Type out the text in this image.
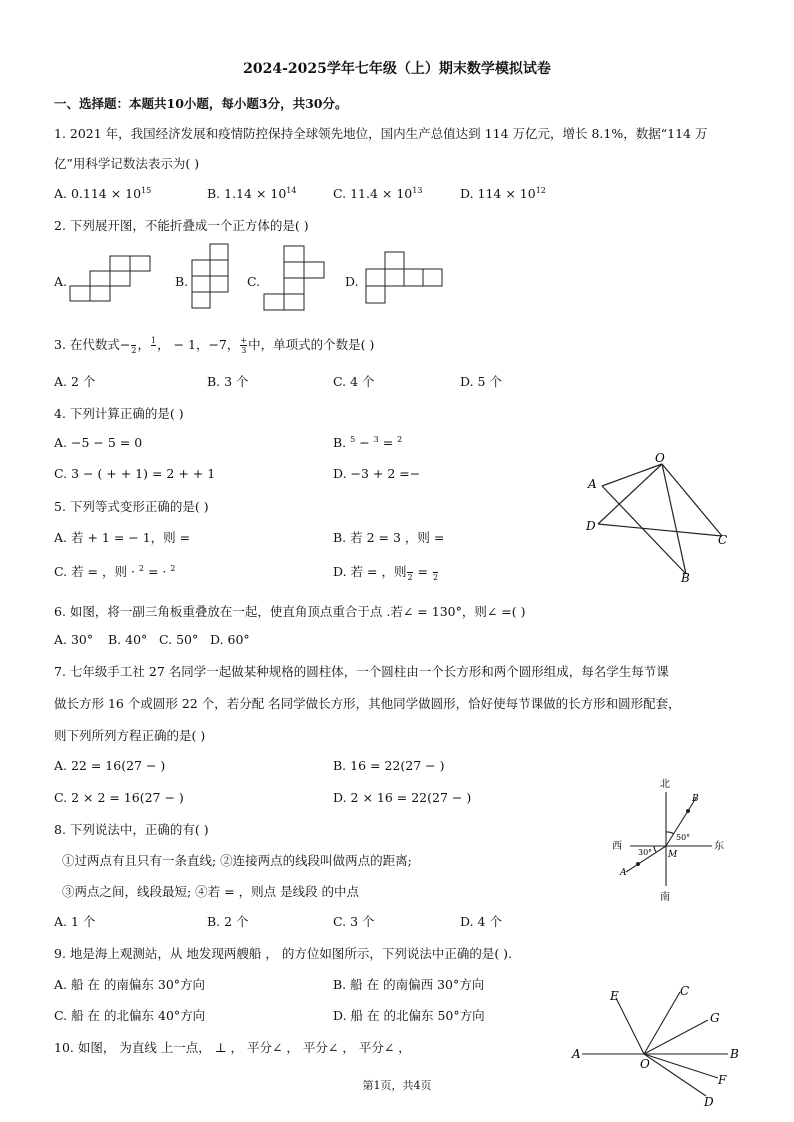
2024-2025学年七年级（上）期末数学模拟试卷
一、选择题：本题共10小题，每小题3分，共30分。
1. 2021 年，我国经济发展和疫情防控保持全球领先地位，国内生产总值达到 114 万亿元，增长 8.1%，数据“114 万
亿”用科学记数法表示为( )
A. $0.114 \times 10^{15}$	B. $1.14 \times 10^{14}$	C. $11.4 \times 10^{13}$	D. $114 \times 10^{12}$
2. 下列展开图，不能折叠成一个正方体的是( )
A.	B.	C.	D.
3. 在代数式−
2 ， 1
， − 1，−7， $\frac{+}{3}$ 中，单项式的个数是( )
A. 2 个	B. 3 个	C. 4 个	D. 5 个
4. 下列计算正确的是( )
A. −5 − 5 = 0	B. $^5$ − $^3$ = $^2$
C. 3 − ( + + 1) = 2 + + 1	D. −3 + 2 =−
5. 下列等式变形正确的是( )
A. 若 + 1 = − 1，则 =	B. 若 2 = 3 ，则 =
C. 若 = ，则 · $^2$ = · $^2$	D. 若 = ，则
2 =
2
O
A
D
C
B
6. 如图，将一副三角板重叠放在一起，使直角顶点重合于点 .若∠ = 130°，则∠ =( )
A. 30° B. 40° C. 50° D. 60°
7. 七年级手工社 27 名同学一起做某种规格的圆柱体，一个圆柱由一个长方形和两个圆形组成，每名学生每节课
做长方形 16 个或圆形 22 个，若分配 名同学做长方形，其他同学做圆形，恰好使每节课做的长方形和圆形配套，
则下列所列方程正确的是( )
A. 22 = 16(27 − )	B. 16 = 22(27 − )
C. 2 × 2 = 16(27 − )	D. 2 × 16 = 22(27 − )
北
南
西	东
B
A
M
50°
30°
8. 下列说法中，正确的有( )
①过两点有且只有一条直线; ②连接两点的线段叫做两点的距离;
③两点之间，线段最短; ④若 = ，则点 是线段 的中点
A. 1 个	B. 2 个	C. 3 个	D. 4 个
9. 地是海上观测站，从 地发现两艘船 ， 的方位如图所示，下列说法中正确的是( ).
A. 船 在 的南偏东 30°方向	B. 船 在 的南偏西 30°方向
C. 船 在 的北偏东 40°方向	D. 船 在 的北偏东 50°方向
10. 如图， 为直线 上一点， ⊥ ， 平分∠ ， 平分∠ ， 平分∠ ，
E	C
G
A
O
B
F
D
第1页，共4页
